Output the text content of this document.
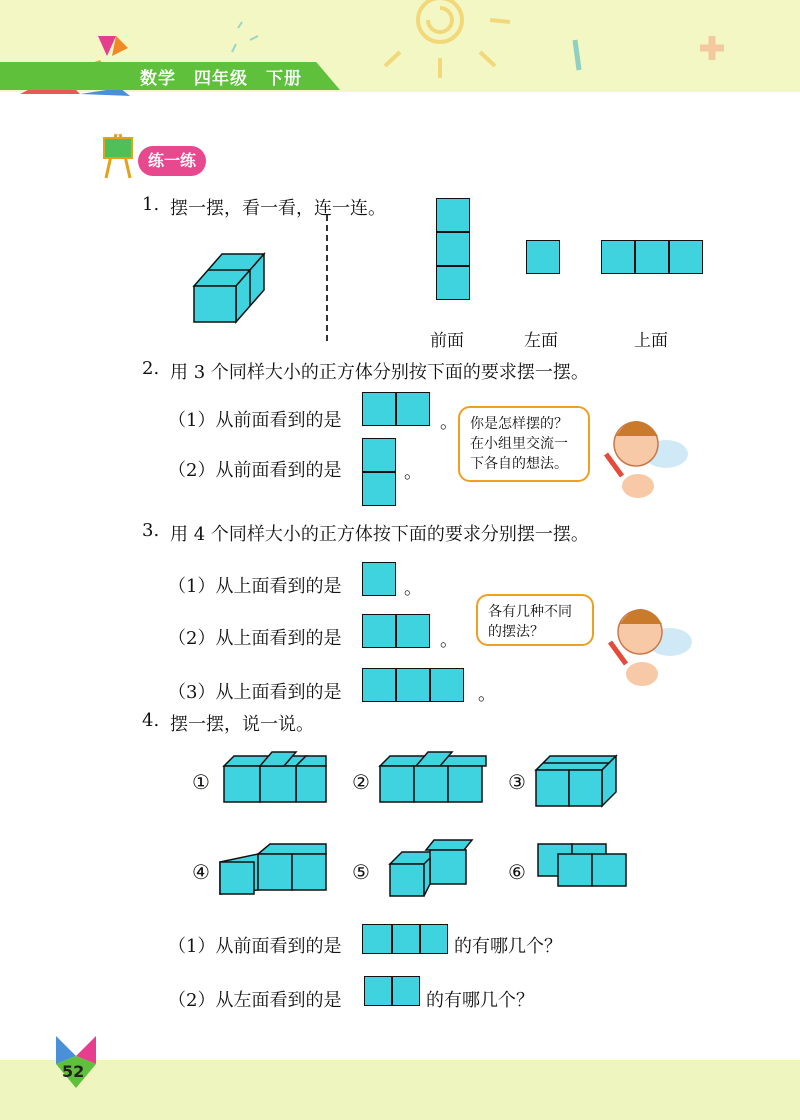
数学 四年级 下册
练一练
1. 摆一摆，看一看，连一连。
前面	左面	上面
2. 用 3 个同样大小的正方体分别按下面的要求摆一摆。
（1）从前面看到的是	。
（2）从前面看到的是	。
你是怎样摆的？
在小组里交流一
下各自的想法。
3. 用 4 个同样大小的正方体按下面的要求分别摆一摆。
（1）从上面看到的是	。
（2）从上面看到的是	。
（3）从上面看到的是	。
各有几种不同
的摆法？
4. 摆一摆，说一说。
①	②	③
④	⑤	⑥
（1）从前面看到的是	的有哪几个？
（2）从左面看到的是	的有哪几个？
52
